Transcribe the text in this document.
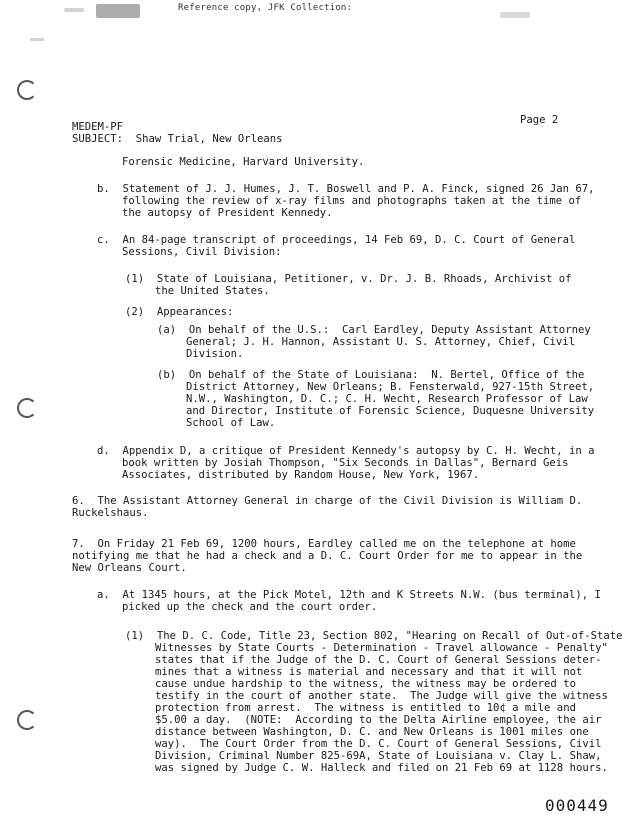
Reference copy, JFK Collection:
MEDEM-PF
SUBJECT:  Shaw Trial, New Orleans
Page 2
Forensic Medicine, Harvard University.
b.  Statement of J. J. Humes, J. T. Boswell and P. A. Finck, signed 26 Jan 67,
following the review of x-ray films and photographs taken at the time of
the autopsy of President Kennedy.
c.  An 84-page transcript of proceedings, 14 Feb 69, D. C. Court of General
Sessions, Civil Division:
(1)  State of Louisiana, Petitioner, v. Dr. J. B. Rhoads, Archivist of
the United States.
(2)  Appearances:
(a)  On behalf of the U.S.:  Carl Eardley, Deputy Assistant Attorney
General; J. H. Hannon, Assistant U. S. Attorney, Chief, Civil
Division.
(b)  On behalf of the State of Louisiana:  N. Bertel, Office of the
District Attorney, New Orleans; B. Fensterwald, 927-15th Street,
N.W., Washington, D. C.; C. H. Wecht, Research Professor of Law
and Director, Institute of Forensic Science, Duquesne University
School of Law.
d.  Appendix D, a critique of President Kennedy's autopsy by C. H. Wecht, in a
book written by Josiah Thompson, "Six Seconds in Dallas", Bernard Geis
Associates, distributed by Random House, New York, 1967.
6.  The Assistant Attorney General in charge of the Civil Division is William D.
Ruckelshaus.
7.  On Friday 21 Feb 69, 1200 hours, Eardley called me on the telephone at home
notifying me that he had a check and a D. C. Court Order for me to appear in the
New Orleans Court.
a.  At 1345 hours, at the Pick Motel, 12th and K Streets N.W. (bus terminal), I
picked up the check and the court order.
(1)  The D. C. Code, Title 23, Section 802, "Hearing on Recall of Out-of-State
Witnesses by State Courts - Determination - Travel allowance - Penalty"
states that if the Judge of the D. C. Court of General Sessions deter-
mines that a witness is material and necessary and that it will not
cause undue hardship to the witness, the witness may be ordered to
testify in the court of another state.  The Judge will give the witness
protection from arrest.  The witness is entitled to 10¢ a mile and
$5.00 a day.  (NOTE:  According to the Delta Airline employee, the air
distance between Washington, D. C. and New Orleans is 1001 miles one
way).  The Court Order from the D. C. Court of General Sessions, Civil
Division, Criminal Number 825-69A, State of Louisiana v. Clay L. Shaw,
was signed by Judge C. W. Halleck and filed on 21 Feb 69 at 1128 hours.
000449
